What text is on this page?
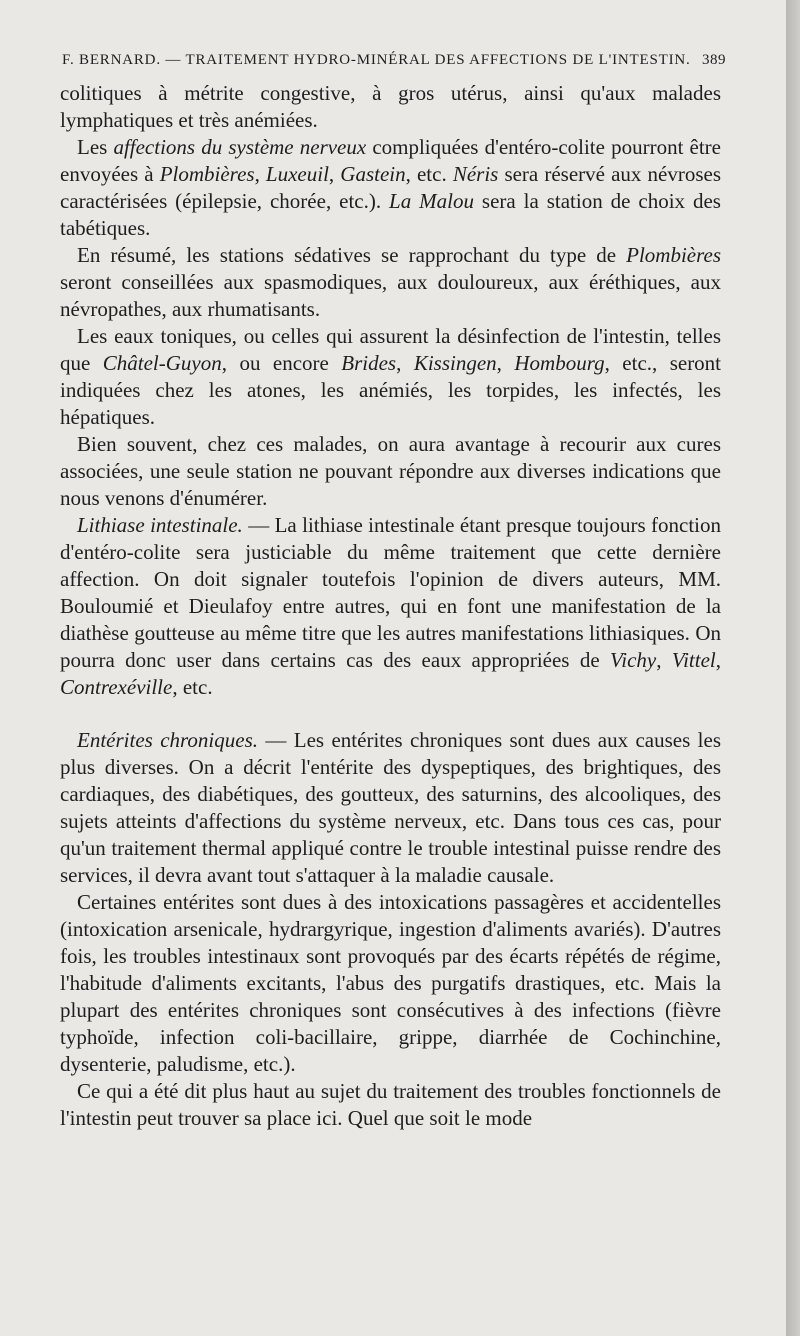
F. BERNARD. — TRAITEMENT HYDRO-MINÉRAL DES AFFECTIONS DE L'INTESTIN. 389

colitiques à métrite congestive, à gros utérus, ainsi qu'aux malades lymphatiques et très anémiées.

Les affections du système nerveux compliquées d'entéro-colite pourront être envoyées à Plombières, Luxeuil, Gastein, etc. Néris sera réservé aux névroses caractérisées (épilepsie, chorée, etc.). La Malou sera la station de choix des tabétiques.

En résumé, les stations sédatives se rapprochant du type de Plombières seront conseillées aux spasmodiques, aux douloureux, aux éréthiques, aux névropathes, aux rhumatisants.

Les eaux toniques, ou celles qui assurent la désinfection de l'intestin, telles que Châtel-Guyon, ou encore Brides, Kissingen, Hombourg, etc., seront indiquées chez les atones, les anémiés, les torpides, les infectés, les hépatiques.

Bien souvent, chez ces malades, on aura avantage à recourir aux cures associées, une seule station ne pouvant répondre aux diverses indications que nous venons d'énumérer.

Lithiase intestinale. — La lithiase intestinale étant presque toujours fonction d'entéro-colite sera justiciable du même traitement que cette dernière affection. On doit signaler toutefois l'opinion de divers auteurs, MM. Bouloumié et Dieulafoy entre autres, qui en font une manifestation de la diathèse goutteuse au même titre que les autres manifestations lithiasiques. On pourra donc user dans certains cas des eaux appropriées de Vichy, Vittel, Contrexéville, etc.

Entérites chroniques. — Les entérites chroniques sont dues aux causes les plus diverses. On a décrit l'entérite des dyspeptiques, des brightiques, des cardiaques, des diabétiques, des goutteux, des saturnins, des alcooliques, des sujets atteints d'affections du système nerveux, etc. Dans tous ces cas, pour qu'un traitement thermal appliqué contre le trouble intestinal puisse rendre des services, il devra avant tout s'attaquer à la maladie causale.

Certaines entérites sont dues à des intoxications passagères et accidentelles (intoxication arsenicale, hydrargyrique, ingestion d'aliments avariés). D'autres fois, les troubles intestinaux sont provoqués par des écarts répétés de régime, l'habitude d'aliments excitants, l'abus des purgatifs drastiques, etc. Mais la plupart des entérites chroniques sont consécutives à des infections (fièvre typhoïde, infection coli-bacillaire, grippe, diarrhée de Cochinchine, dysenterie, paludisme, etc.).

Ce qui a été dit plus haut au sujet du traitement des troubles fonctionnels de l'intestin peut trouver sa place ici. Quel que soit le mode
